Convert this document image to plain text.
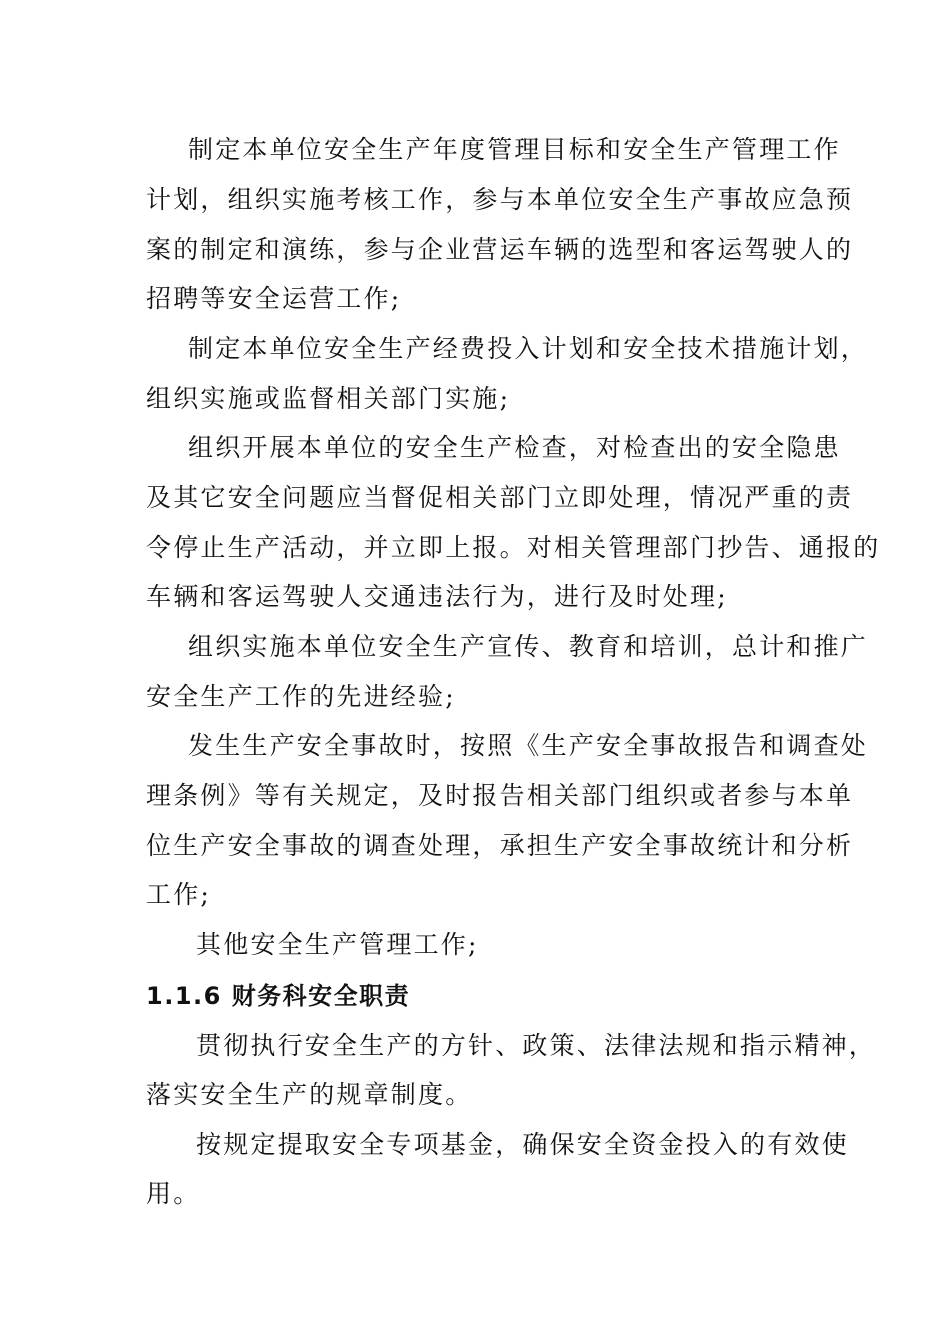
制定本单位安全生产年度管理目标和安全生产管理工作

计划，组织实施考核工作，参与本单位安全生产事故应急预

案的制定和演练，参与企业营运车辆的选型和客运驾驶人的

招聘等安全运营工作;

制定本单位安全生产经费投入计划和安全技术措施计划，

组织实施或监督相关部门实施;

组织开展本单位的安全生产检查，对检查出的安全隐患

及其它安全问题应当督促相关部门立即处理，情况严重的责

令停止生产活动，并立即上报。对相关管理部门抄告、通报的

车辆和客运驾驶人交通违法行为，进行及时处理;

组织实施本单位安全生产宣传、教育和培训，总计和推广

安全生产工作的先进经验;

发生生产安全事故时，按照《生产安全事故报告和调查处

理条例》等有关规定，及时报告相关部门组织或者参与本单

位生产安全事故的调查处理，承担生产安全事故统计和分析

工作;

其他安全生产管理工作;

1.1.6 财务科安全职责

贯彻执行安全生产的方针、政策、法律法规和指示精神，

落实安全生产的规章制度。

按规定提取安全专项基金，确保安全资金投入的有效使

用。
